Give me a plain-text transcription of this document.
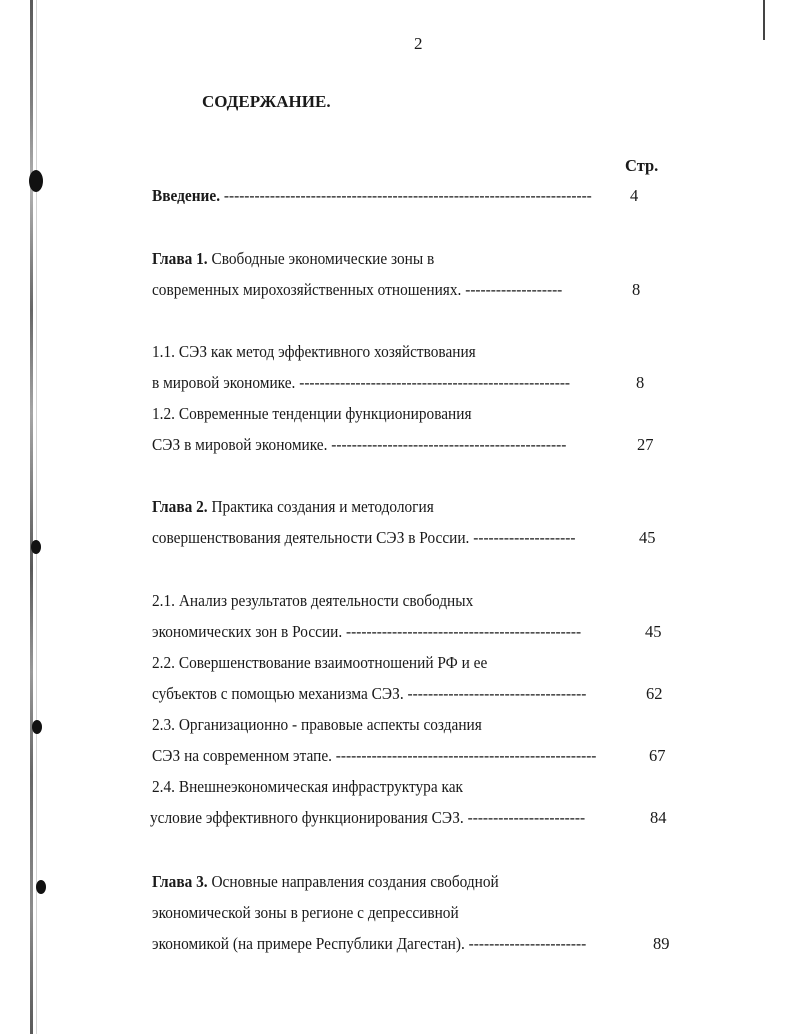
2
СОДЕРЖАНИЕ.
Стр.
Введение. ------------------------------------------------------------------------ 4
Глава 1. Свободные экономические зоны в
современных мирохозяйственных отношениях. -------------------	8
1.1. СЭЗ как метод эффективного хозяйствования
в мировой экономике. -----------------------------------------------------	8
1.2. Современные тенденции функционирования
СЭЗ в мировой экономике. ----------------------------------------------	27
Глава 2. Практика создания и методология
совершенствования деятельности СЭЗ в России. --------------------	45
2.1. Анализ результатов деятельности свободных
экономических зон в России. ----------------------------------------------	45
2.2. Совершенствование взаимоотношений РФ и ее
субъектов с помощью механизма СЭЗ. -----------------------------------	62
2.3. Организационно - правовые аспекты создания
СЭЗ на современном этапе. ---------------------------------------------------	67
2.4. Внешнеэкономическая инфраструктура как
условие эффективного функционирования СЭЗ. -----------------------	84
Глава 3. Основные направления создания свободной
экономической зоны в регионе с депрессивной
экономикой (на примере Республики Дагестан). -----------------------	89
